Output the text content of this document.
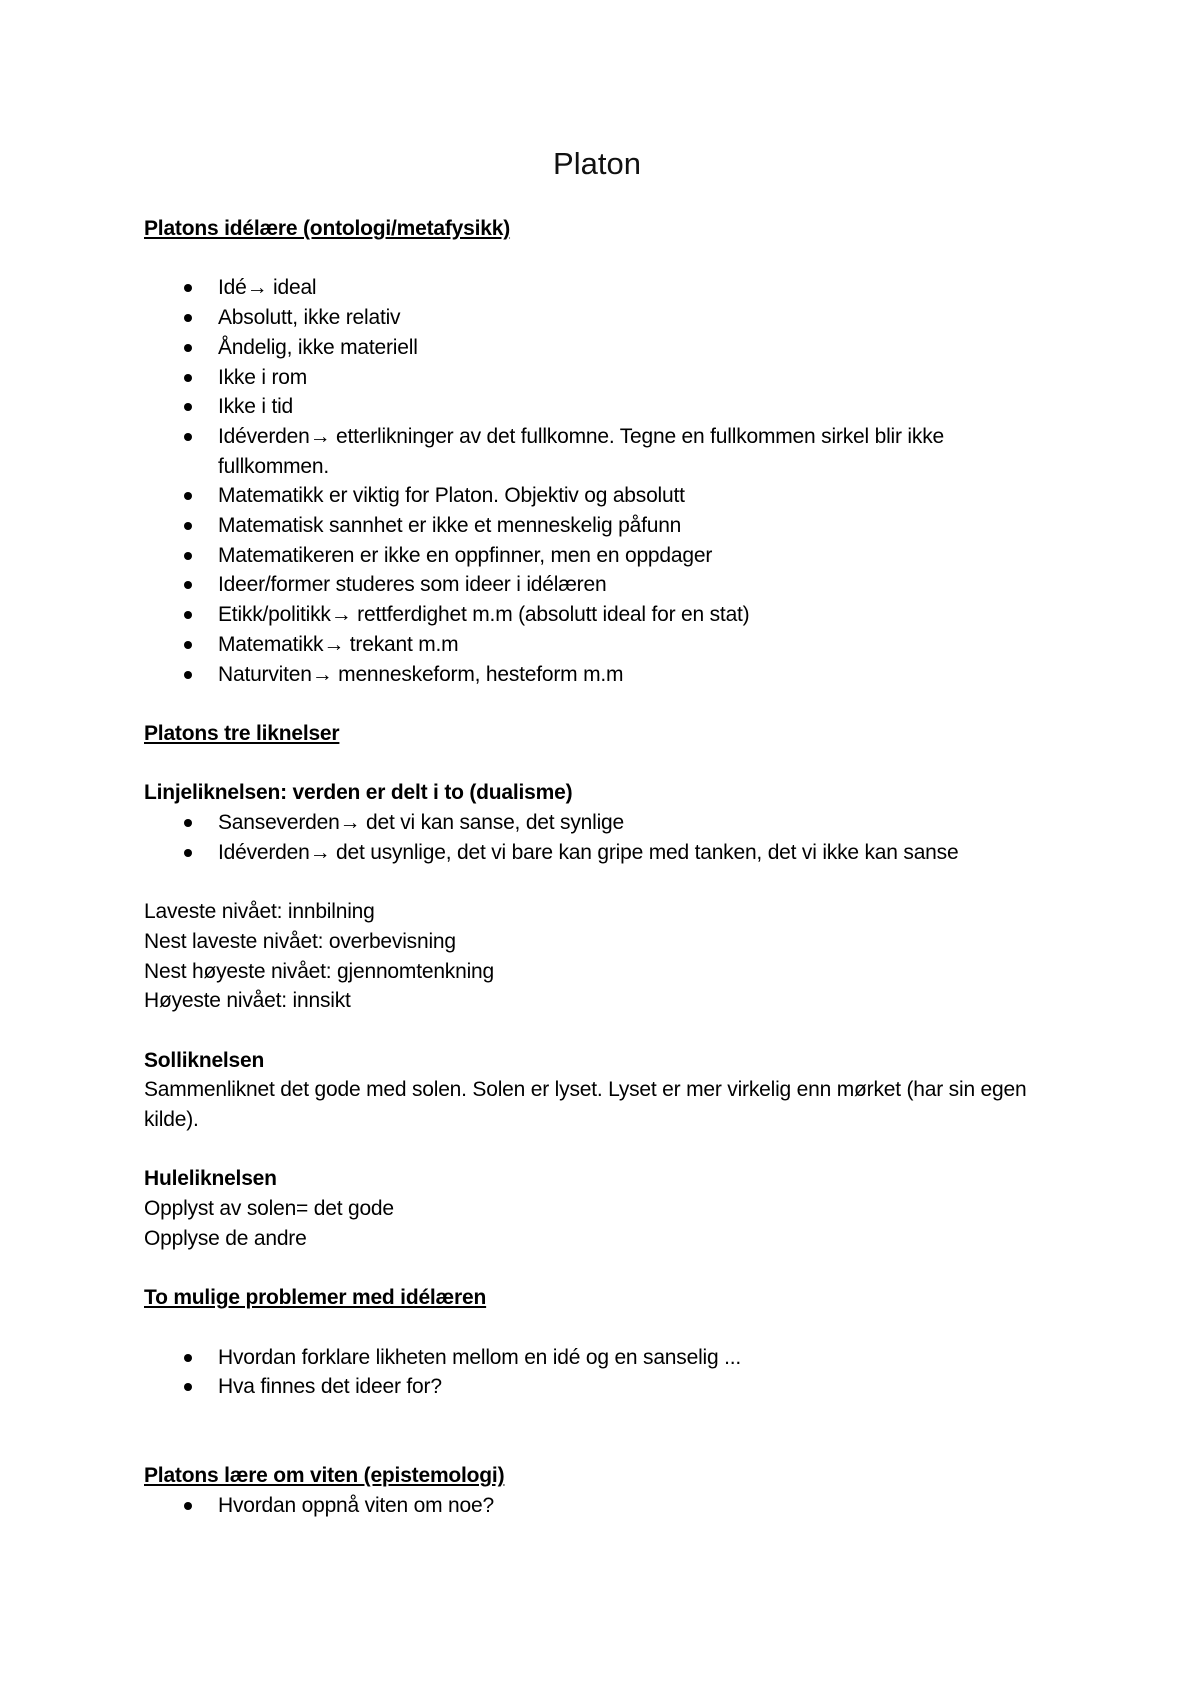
Platon

Platons idélære (ontologi/metafysikk)

Idé→ ideal
Absolutt, ikke relativ
Åndelig, ikke materiell
Ikke i rom
Ikke i tid
Idéverden→ etterlikninger av det fullkomne. Tegne en fullkommen sirkel blir ikke fullkommen.
Matematikk er viktig for Platon. Objektiv og absolutt
Matematisk sannhet er ikke et menneskelig påfunn
Matematikeren er ikke en oppfinner, men en oppdager
Ideer/former studeres som ideer i idélæren
Etikk/politikk→ rettferdighet m.m (absolutt ideal for en stat)
Matematikk→ trekant m.m
Naturviten→ menneskeform, hesteform m.m

Platons tre liknelser

Linjeliknelsen: verden er delt i to (dualisme)

Sanseverden→ det vi kan sanse, det synlige
Idéverden→ det usynlige, det vi bare kan gripe med tanken, det vi ikke kan sanse

Laveste nivået: innbilning

Nest laveste nivået: overbevisning

Nest høyeste nivået: gjennomtenkning

Høyeste nivået: innsikt

Solliknelsen

Sammenliknet det gode med solen. Solen er lyset. Lyset er mer virkelig enn mørket (har sin egen kilde).

Huleliknelsen

Opplyst av solen= det gode

Opplyse de andre

To mulige problemer med idélæren

Hvordan forklare likheten mellom en idé og en sanselig ...
Hva finnes det ideer for?

Platons lære om viten (epistemologi)

Hvordan oppnå viten om noe?
